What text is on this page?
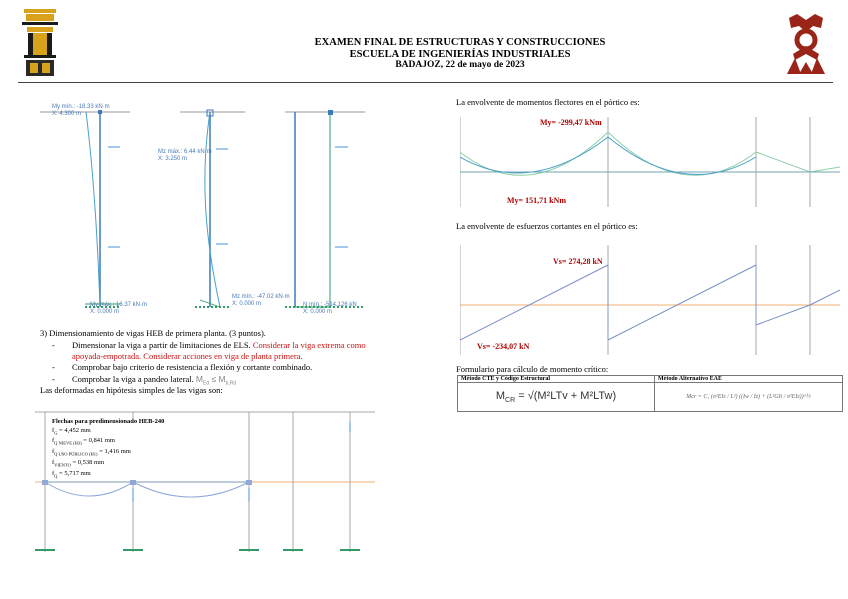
EXAMEN FINAL DE ESTRUCTURAS Y CONSTRUCCIONES
ESCUELA DE INGENIERÍAS INDUSTRIALES
BADAJOZ, 22 de mayo de 2023
My mín.: -18.33 kN·m
X: 4.300 m
My máx.: 16.37 kN·m
X: 0.000 m
Mz máx.: 6.44 kN·m
X: 3.250 m
Mz mín.: -47.02 kN·m
X: 0.000 m	N mín.: -514.126 kN
X: 0.000 m
3) Dimensionamiento de vigas HEB de primera planta. (3 puntos).
- Dimensionar la viga a partir de limitaciones de ELS. Considerar la viga extrema como
apoyada-empotrada. Considerar acciones en viga de planta primera.
- Comprobar bajo criterio de resistencia a flexión y cortante combinado.
- Comprobar la viga a pandeo lateral. $M_{Ed} \le M_{b,Rd}$
Las deformadas en hipótesis simples de las vigas son:
Flechas para predimensionado HEB-240
$f_G = 4,452$ mm
$f_{Q NIEVE (H3)} = 0,841$ mm
$f_{Q USO PÚBLICO (H1)} = 1,416$ mm
$f_{VIENTO} = 0,538$ mm
$f_Q = 5,717$ mm
La envolvente de momentos flectores en el pórtico es:
My= -299,47 kNm
My= 151,71 kNm
La envolvente de esfuerzos cortantes en el pórtico es:
Vs= 274,28 kN
Vs= -234,07 kN
Formulario para cálculo de momento crítico:
Método CTE y Código Estructural	Método Alternativo EAE
$M_{CR} = √(M^2LTv + M^2LTw)$	Mcr = C₁ (π²EIz / L²) ((Iw / Iz) + (L²GIt / π²EIz))^½
